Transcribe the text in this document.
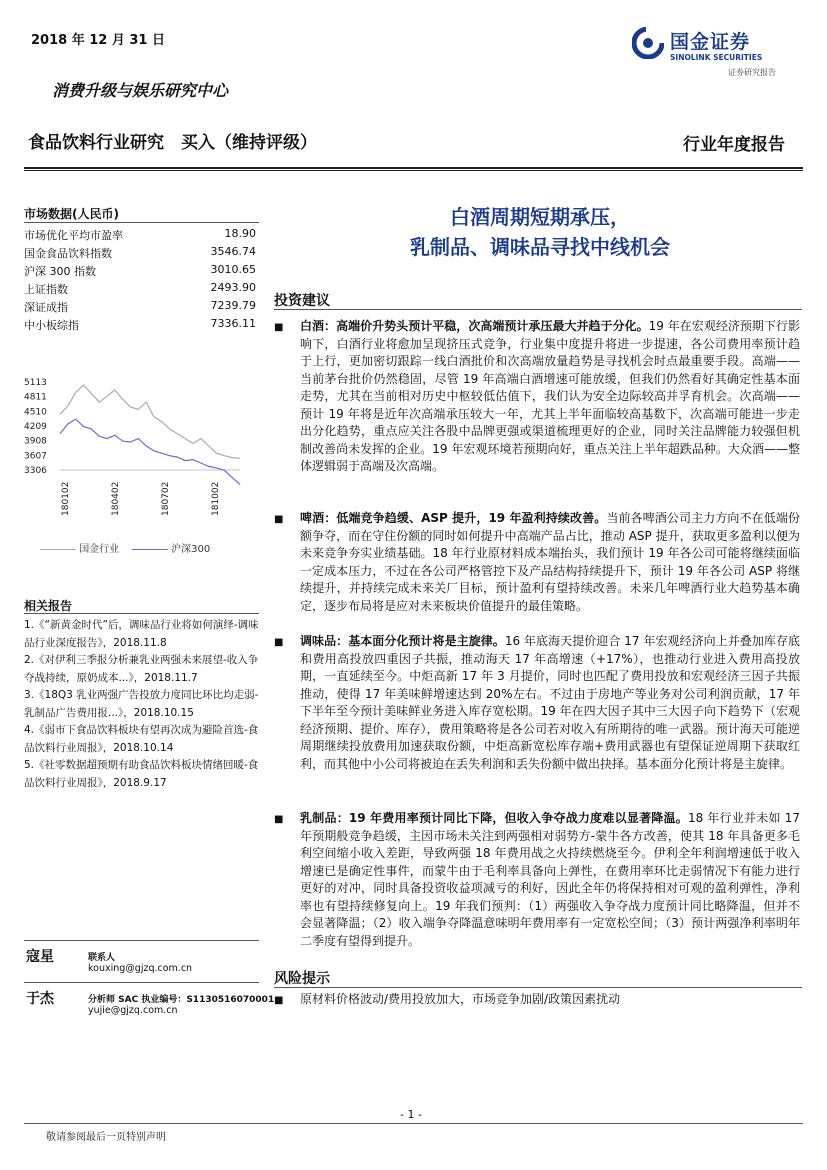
2018 年 12 月 31 日	国金证券
SINOLINK SECURITIES
证券研究报告
消费升级与娱乐研究中心
食品饮料行业研究　买入（维持评级）	行业年度报告
市场数据(人民币)
市场优化平均市盈率	18.90
国金食品饮料指数	3546.74
沪深 300 指数	3010.65
上证指数	2493.90
深证成指	7239.79
中小板综指	7336.11
5113
4811
4510
4209
3908
3607
3306
180102	180402	180702	181002
国金行业	沪深300
相关报告
1.《“新黄金时代”后，调味品行业将如何演绎-调味品行业深度报告》，2018.11.8
2.《对伊利三季报分析兼乳业两强未来展望-收入争夺战持续，原奶成本...》，2018.11.7
3.《18Q3 乳业两强广告投放力度同比环比均走弱-乳制品广告费用报...》，2018.10.15
4.《弱市下食品饮料板块有望再次成为避险首选-食品饮料行业周报》，2018.10.14
5.《社零数据超预期有助食品饮料板块情绪回暖-食品饮料行业周报》，2018.9.17
寇星	联系人
kouxing@gjzq.com.cn
于杰	分析师 SAC 执业编号：S1130516070001
yujie@gjzq.com.cn
白酒周期短期承压，
乳制品、调味品寻找中线机会
投资建议
■	白酒：高端价升势头预计平稳，次高端预计承压最大并趋于分化。19 年在宏观经济预期下行影响下，白酒行业将愈加呈现挤压式竞争，行业集中度提升将进一步提速，各公司费用率预计趋于上行，更加密切跟踪一线白酒批价和次高端放量趋势是寻找机会时点最重要手段。高端——当前茅台批价仍然稳固，尽管 19 年高端白酒增速可能放缓，但我们仍然看好其确定性基本面走势，尤其在当前相对历史中枢较低估值下，我们认为安全边际较高并孚育机会。次高端——预计 19 年将是近年次高端承压较大一年，尤其上半年面临较高基数下，次高端可能进一步走出分化趋势，重点应关注各股中品牌更强或渠道梳理更好的企业，同时关注品牌能力较强但机制改善尚未发挥的企业。19 年宏观环境若预期向好，重点关注上半年超跌品种。大众酒——整体逻辑弱于高端及次高端。
■	啤酒：低端竞争趋缓、ASP 提升，19 年盈利持续改善。当前各啤酒公司主力方向不在低端份额争夺，而在守住份额的同时如何提升中高端产品占比，推动 ASP 提升，获取更多盈利以便为未来竞争夯实业绩基础。18 年行业原材料成本端抬头，我们预计 19 年各公司可能将继续面临一定成本压力，不过在各公司严格管控下及产品结构持续提升下，预计 19 年各公司 ASP 将继续提升，并持续完成未来关厂目标，预计盈利有望持续改善。未来几年啤酒行业大趋势基本确定，逐步布局将是应对未来板块价值提升的最佳策略。
■	调味品：基本面分化预计将是主旋律。16 年底海天提价迎合 17 年宏观经济向上并叠加库存底和费用高投放四重因子共振，推动海天 17 年高增速（+17%），也推动行业进入费用高投放期，一直延续至今。中炬高新 17 年 3 月提价，同时也匹配了费用投放和宏观经济三因子共振推动，使得 17 年美味鲜增速达到 20%左右。不过由于房地产等业务对公司利润贡献，17 年下半年至今预计美味鲜业务进入库存宽松期。19 年在四大因子其中三大因子向下趋势下（宏观经济预期、提价、库存），费用策略将是各公司若对收入有所期待的唯一武器。预计海天可能逆周期继续投放费用加速获取份额，中炬高新宽松库存端+费用武器也有望保证逆周期下获取红利，而其他中小公司将被迫在丢失利润和丢失份额中做出抉择。基本面分化预计将是主旋律。
■	乳制品：19 年费用率预计同比下降，但收入争夺战力度难以显著降温。18 年行业并未如 17 年预期般竞争趋缓，主因市场未关注到两强相对弱势方-蒙牛各方改善，使其 18 年具备更多毛利空间缩小收入差距，导致两强 18 年费用战之火持续燃烧至今。伊利全年利润增速低于收入增速已是确定性事件，而蒙牛由于毛利率具备向上弹性，在费用率环比走弱情况下有能力进行更好的对冲，同时具备投资收益项减亏的利好，因此全年仍将保持相对可观的盈利弹性，净利率也有望持续修复向上。19 年我们预判：（1）两强收入争夺战力度预计同比略降温，但并不会显著降温；（2）收入端争夺降温意味明年费用率有一定宽松空间；（3）预计两强净利率明年二季度有望得到提升。
风险提示
■	原材料价格波动/费用投放加大，市场竞争加剧/政策因素扰动
- 1 -
敬请参阅最后一页特别声明
